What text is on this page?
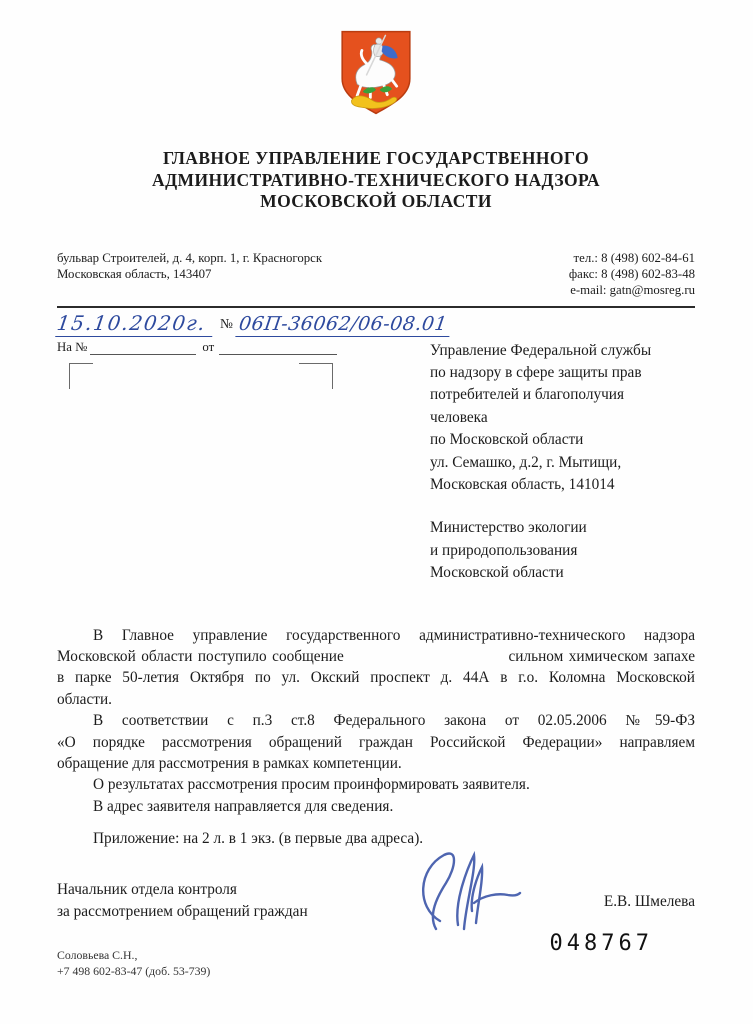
ГЛАВНОЕ УПРАВЛЕНИЕ ГОСУДАРСТВЕННОГО
АДМИНИСТРАТИВНО-ТЕХНИЧЕСКОГО НАДЗОРА
МОСКОВСКОЙ ОБЛАСТИ
бульвар Строителей, д. 4, корп. 1, г. Красногорск
Московская область, 143407
тел.: 8 (498) 602-84-61
факс: 8 (498) 602-83-48
e-mail: gatn@mosreg.ru
15.10.2020г. № 06П-36062/06-08.01
На №	от	Управление Федеральной службы
по надзору в сфере защиты прав
потребителей и благополучия
человека
по Московской области
ул. Семашко, д.2, г. Мытищи,
Московская область, 141014
Министерство экологии
и природопользования
Московской области
В Главное управление государственного административно-технического надзора
Московской области поступило сообщение                              сильном химическом запахе
в парке 50-летия Октября по ул. Окский проспект д. 44А в г.о. Коломна Московской
области.
В соответствии с п.3 ст.8 Федерального закона от 02.05.2006 №59-ФЗ
«О порядке рассмотрения обращений граждан Российской Федерации» направляем
обращение для рассмотрения в рамках компетенции.
О результатах рассмотрения просим проинформировать заявителя.
В адрес заявителя направляется для сведения.
Приложение: на 2 л. в 1 экз. (в первые два адреса).
Начальник отдела контроля
за рассмотрением обращений граждан
Е.В. Шмелева
Соловьева С.Н.,
+7 498 602-83-47 (доб. 53-739)
048767
